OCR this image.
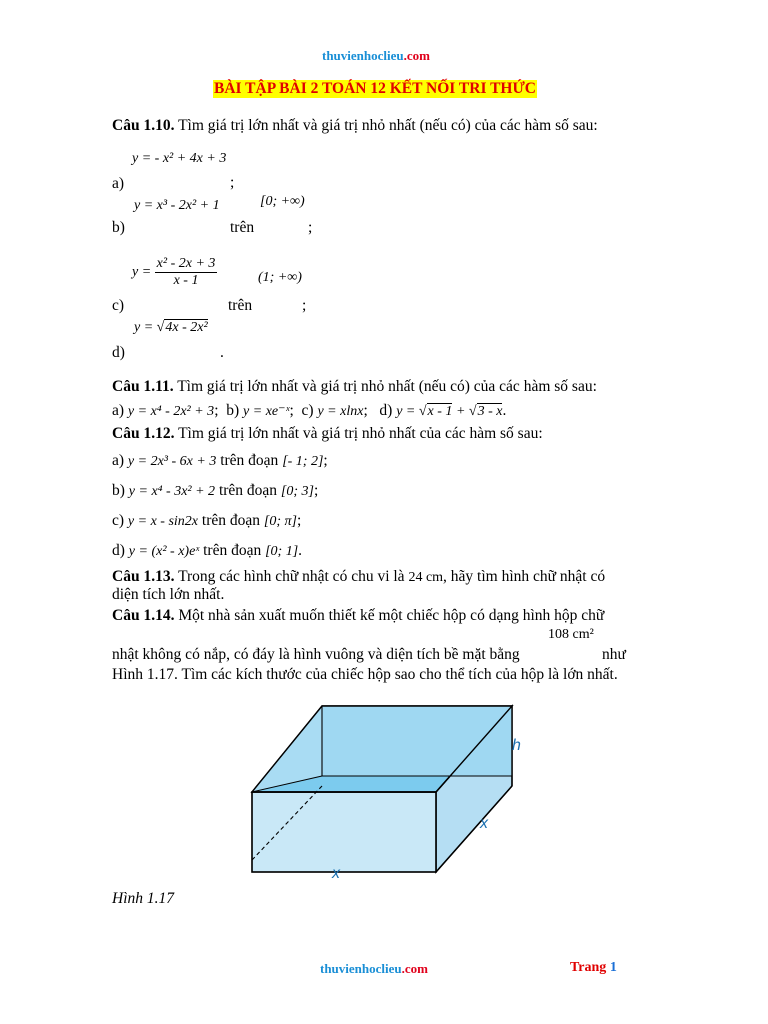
thuvienhoclieu.com
BÀI TẬP BÀI 2 TOÁN 12 KẾT NỐI TRI THỨC
Câu 1.10. Tìm giá trị lớn nhất và giá trị nhỏ nhất (nếu có) của các hàm số sau:
y = - x² + 4x + 3
a)	;
y = x³ - 2x² + 1	[0; +∞)
b)	trên	;
$y = \frac{\text{x² - 2x + 3}}{x - 1}$	(1; +∞)
c)	trên	;
y = √4x - 2x²
d)	.
Câu 1.11. Tìm giá trị lớn nhất và giá trị nhỏ nhất (nếu có) của các hàm số sau:
a) y = x⁴ - 2x² + 3; b) y = xe⁻ˣ; c) y = xlnx; d) y = √x - 1 + √3 - x.
Câu 1.12. Tìm giá trị lớn nhất và giá trị nhỏ nhất của các hàm số sau:
a) y = 2x³ - 6x + 3 trên đoạn [- 1; 2];
b) y = x⁴ - 3x² + 2 trên đoạn [0; 3];
c) y = x - sin2x trên đoạn [0; π];
d) y = (x² - x)eˣ trên đoạn [0; 1].
Câu 1.13. Trong các hình chữ nhật có chu vi là 24 cm, hãy tìm hình chữ nhật có
diện tích lớn nhất.
Câu 1.14. Một nhà sản xuất muốn thiết kế một chiếc hộp có dạng hình hộp chữ
108 cm²
nhật không có nắp, có đáy là hình vuông và diện tích bề mặt bằng	như
Hình 1.17. Tìm các kích thước của chiếc hộp sao cho thể tích của hộp là lớn nhất.
h
x
x
Hình 1.17
thuvienhoclieu.com	Trang 1
